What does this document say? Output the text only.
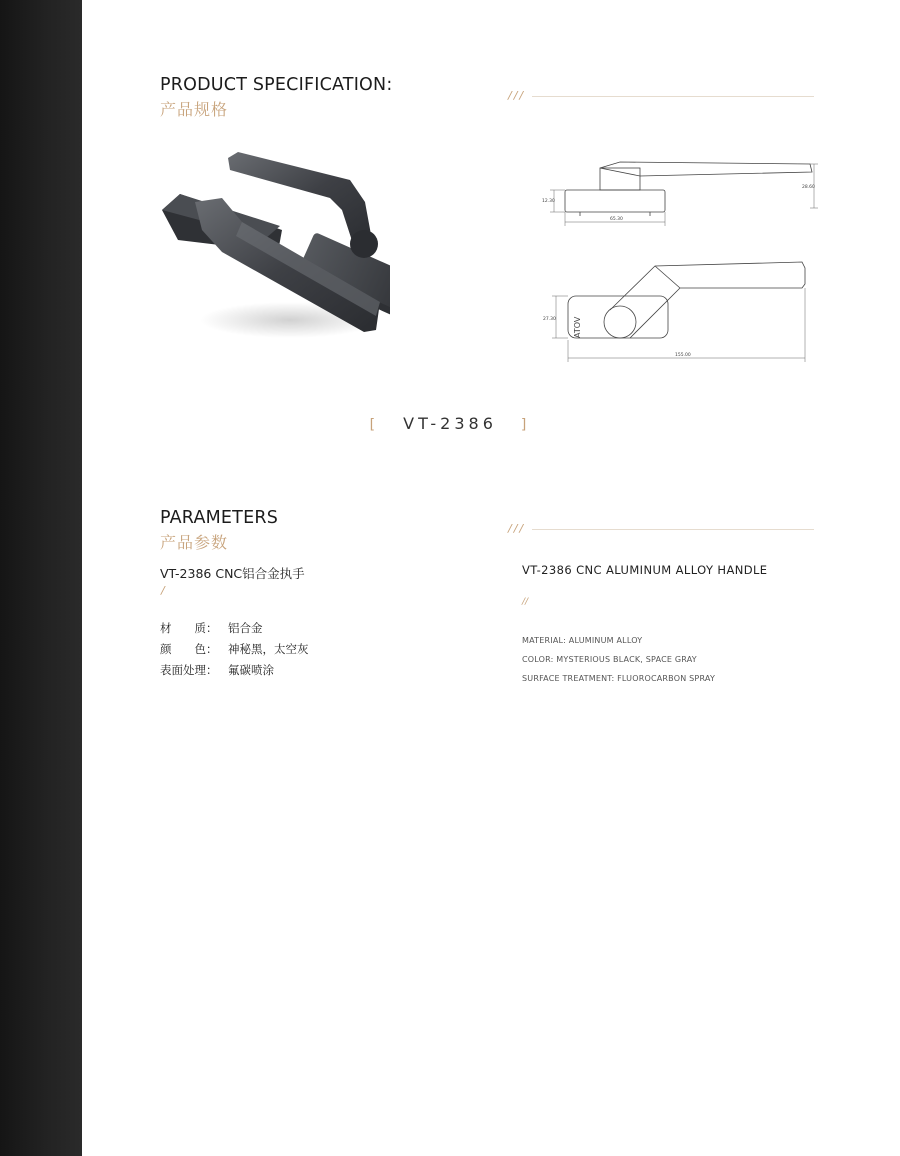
PRODUCT SPECIFICATION:
产品规格
///
12.30
65.30
28.60
ATOV
27.30
155.00
[ VT-2386 ]
PARAMETERS
产品参数
///
VT-2386 CNC铝合金执手
/
材　　质： 铝合金
颜　　色： 神秘黑，太空灰
表面处理： 氟碳喷涂
VT-2386 CNC ALUMINUM ALLOY HANDLE
//
MATERIAL: ALUMINUM ALLOY
COLOR: MYSTERIOUS BLACK, SPACE GRAY
SURFACE TREATMENT: FLUOROCARBON SPRAY
